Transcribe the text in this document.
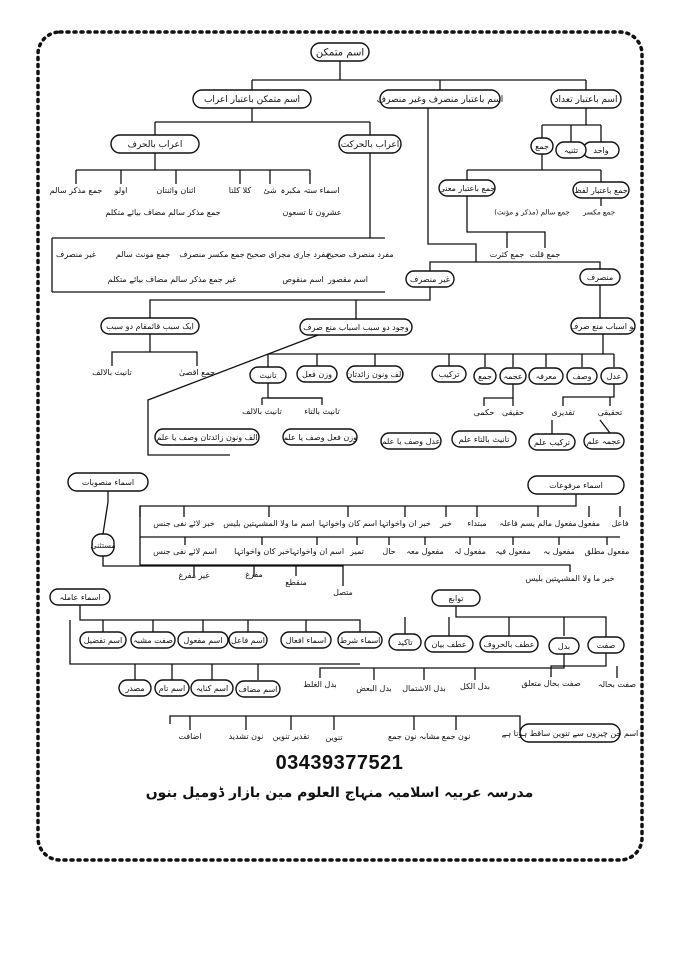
اسم متمکن
اسم متمکن باعتبار اعراب	اسم باعتبار منصرف وغیر منصرف	اسم باعتبار تعداد
اعراب بالحرف	اعراب بالحرکت
واحد
تثنیہ
جمع
جمع باعتبار لفظ
جمع باعتبار معنی
جمع سالم (مذکر و مؤنث) جمع مکسر
جمع قلت
جمع کثرت
اسماء ستہ مکبرہ
شئ
کلا کلتا
اثنان واثنتان
اولو
جمع مذکر سالم
عشرون تا تسعون
جمع مذکر سالم مضاف بیائے متکلم
مفرد منصرف صحیح
مفرد جاری مجرای صحیح
جمع مکسر منصرف
جمع مونث سالم
غیر منصرف
اسم مقصور
اسم منقوص
غیر جمع مذکر سالم مضاف بیائے متکلم	منصرف
غیر منصرف
نو اسباب منع صرف
وجود دو سبب اسباب منع صرف
ایک سبب قائمقام دو سبب
جمع اقصیٰ
تانیث بالالف	عدل
وصف
معرفہ
عجمہ
جمع
ترکیب
الف ونون زائدتان
وزن فعل
تانیث
تحقیقی
تقدیری
حقیقی
حکمی
تانیث بالتاء
تانیث بالالف
عجمہ علم
ترکیب علم
تانیث بالتاء علم
عدل وصف یا علم
وزن فعل وصف یا علم
الف ونون زائدتان وصف یا علم
اسماء مرفوعات
اسماء منصوبات
فاعل
مفعول
مفعول مالم یسم فاعلہ
مبتداء
خبر
خبر ان واخواتہا
اسم کان واخواتہا
اسم ما ولا المشبہتین بلیس
خبر لائے نفی جنس
مفعول مطلق
مفعول بہ
مفعول فیہ
مفعول لہ
مفعول معہ
حال
تمیز
اسم ان واخواتہا
خبر کان واخواتہا
اسم لائے نفی جنس
خبر ما ولا المشبہتین بلیس
مستثنیٰ
متصل
منقطع
مفرغ
غیر مفرغ
اسماء عاملہ	توابع
صفت
بدل
عطف بالحروف
عطف بیان
تاکید
صفت بحالہ
صفت بحال متعلق
بدل الکل
بدل الاشتمال
بدل البعض
بدل الغلط
اسم تفضیل صفت مشبہ اسم مفعول اسم فاعل	اسماء افعال اسماء شرط
مصدر اسم تام اسم کنایہ اسم مضاف
اسم جن چیزوں سے تنوین ساقط ہوتا ہے
نون جمع
مشابہ نون جمع
تنوین
تقدیر تنوین
نون تشدید
اضافت
03439377521
مدرسہ عربیہ اسلامیہ منہاج العلوم مین بازار ڈومیل بنوں
